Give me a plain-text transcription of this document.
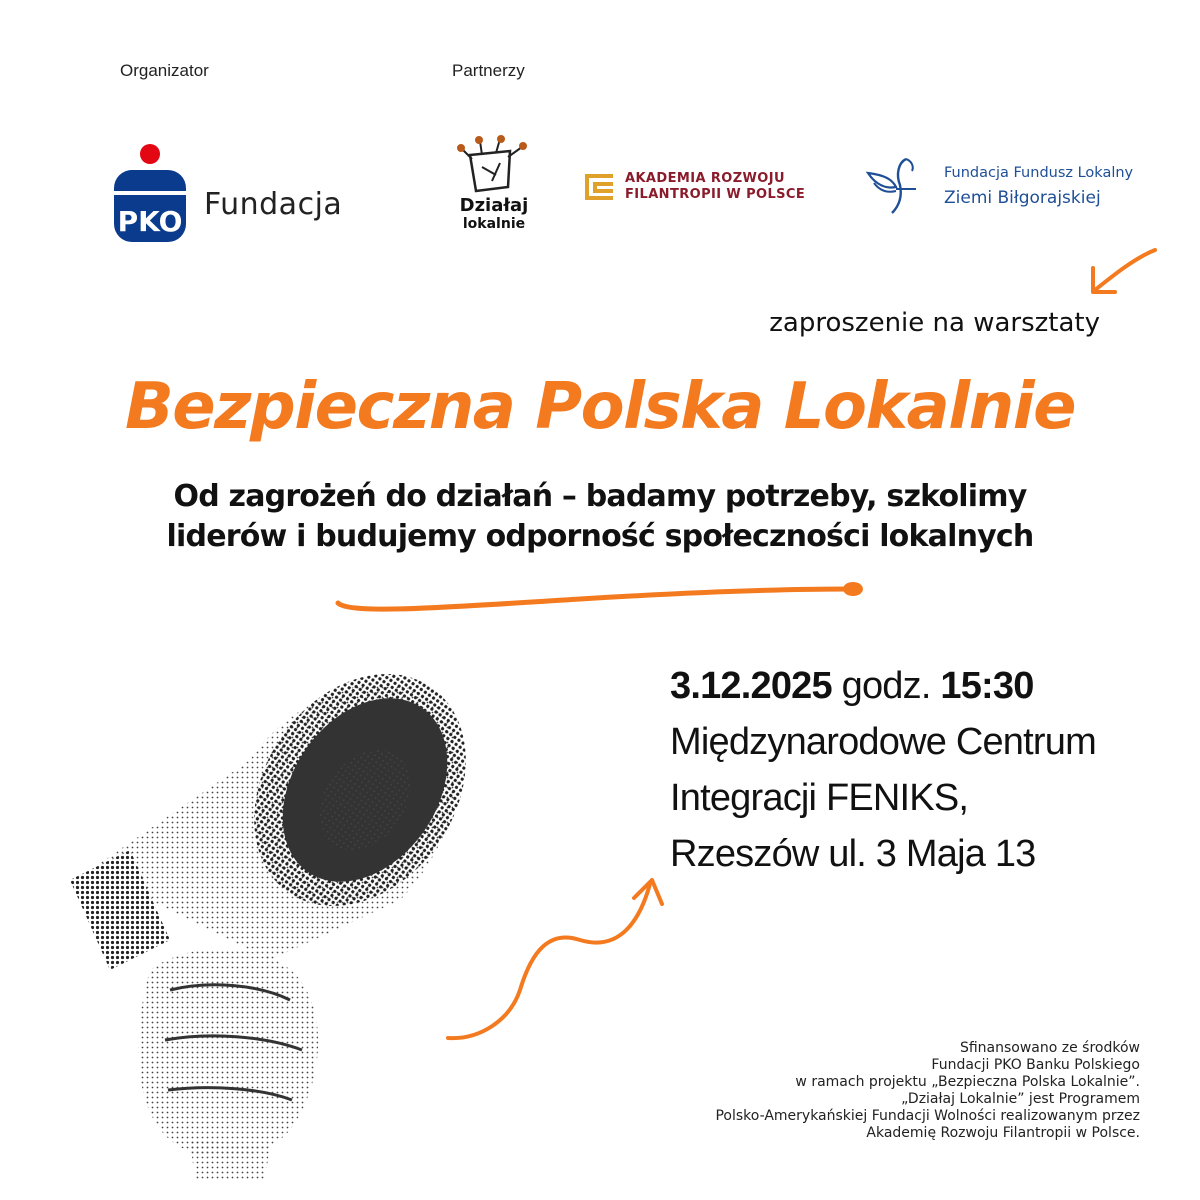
Organizator	Partnerzy
PKO Fundacja	Działaj
lokalnie
AKADEMIA ROZWOJU
FILANTROPII W POLSCE
Fundacja Fundusz Lokalny
Ziemi Biłgorajskiej
zaproszenie na warsztaty
Bezpieczna Polska Lokalnie
Od zagrożeń do działań – badamy potrzeby, szkolimy
liderów i budujemy odporność społeczności lokalnych
3.12.2025 godz. 15:30
Międzynarodowe Centrum
Integracji FENIKS,
Rzeszów ul. 3 Maja 13
Sfinansowano ze środków
Fundacji PKO Banku Polskiego
w ramach projektu „Bezpieczna Polska Lokalnie”.
„Działaj Lokalnie” jest Programem
Polsko-Amerykańskiej Fundacji Wolności realizowanym przez
Akademię Rozwoju Filantropii w Polsce.
